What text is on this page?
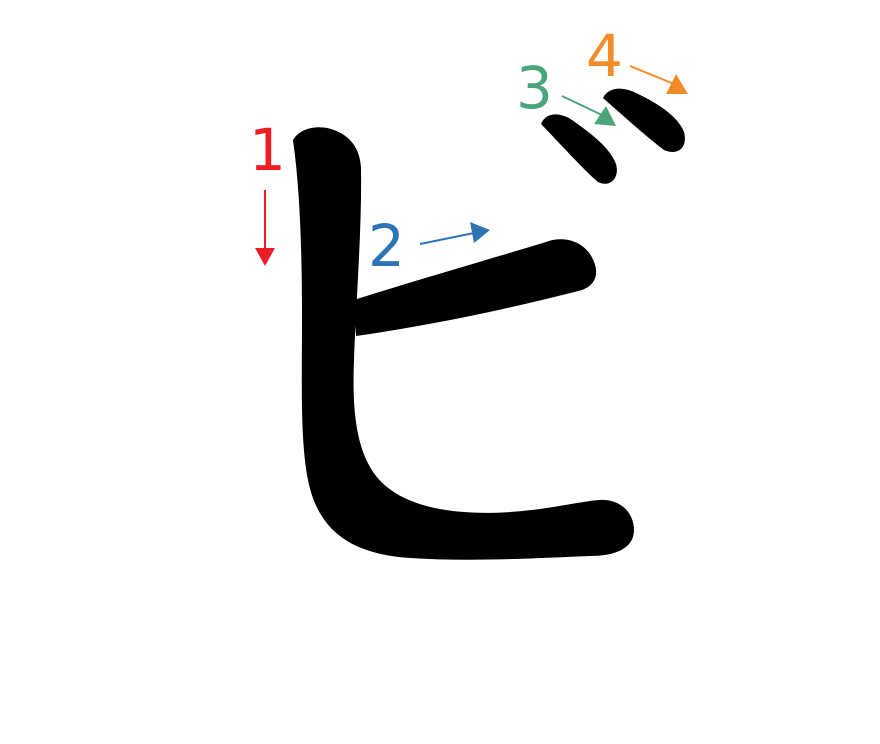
1
2
3 4
